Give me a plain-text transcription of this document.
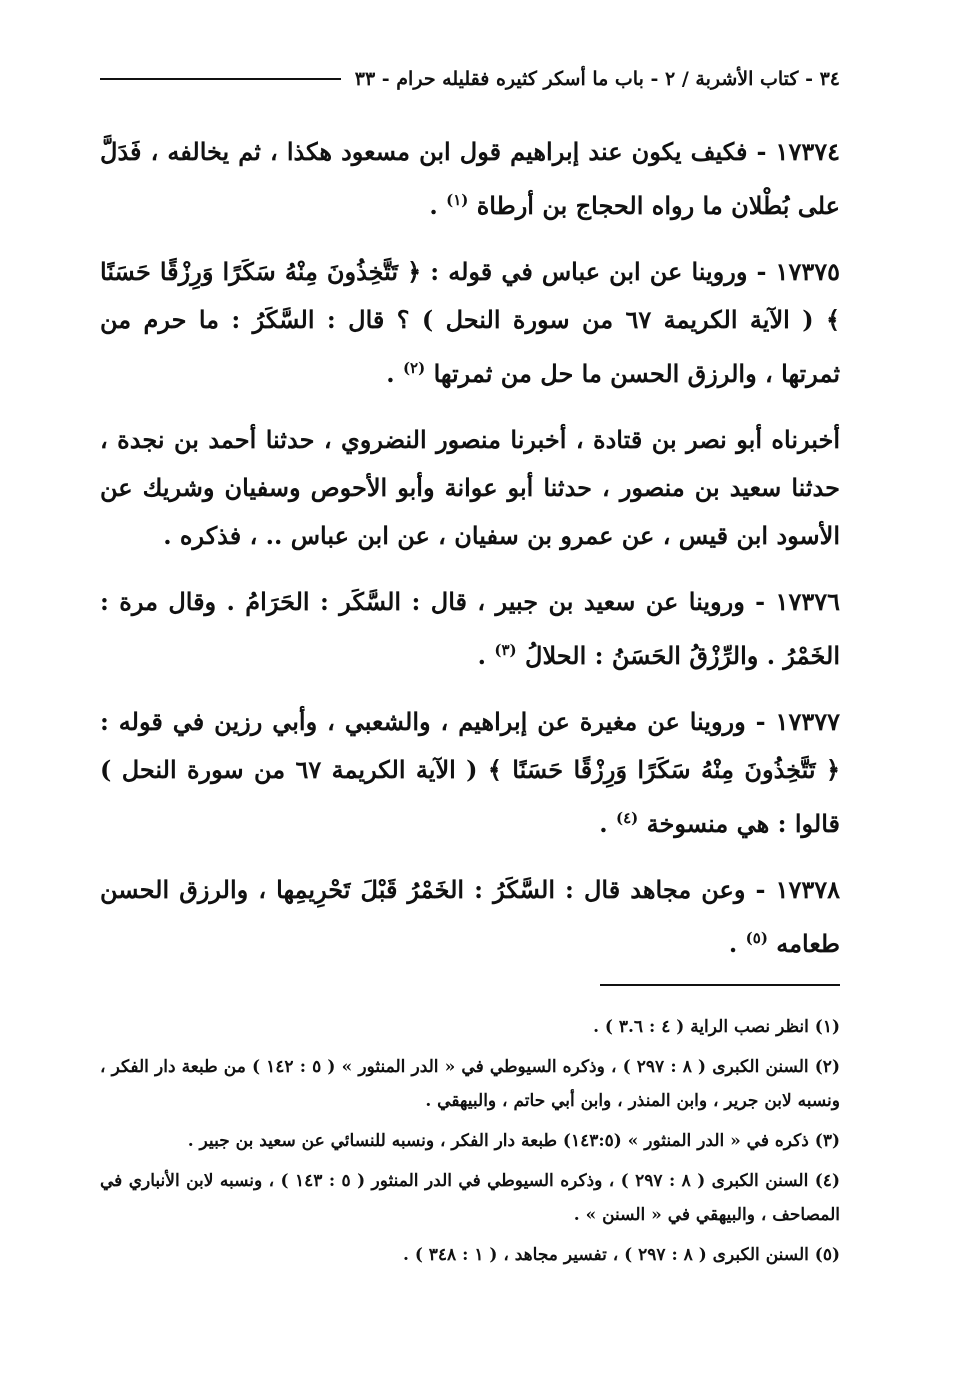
٣٤ - كتاب الأشربة / ٢ - باب ما أسكر كثيره فقليله حرام - ٣٣

١٧٣٧٤ - فكيف يكون عند إبراهيم قول ابن مسعود هكذا ، ثم يخالفه ، فَدَلَّ على بُطْلان ما رواه الحجاج بن أرطاة $^{(١)}$ .

١٧٣٧٥ - وروينا عن ابن عباس في قوله : ﴿ تَتَّخِذُونَ مِنْهُ سَكَرًا وَرِزْقًا حَسَنًا ﴾ ( الآية الكريمة ٦٧ من سورة النحل ) ؟ قال : السَّكَرُ : ما حرم من ثمرتها ، والرزق الحسن ما حل من ثمرتها $^{(٢)}$ .

أخبرناه أبو نصر بن قتادة ، أخبرنا منصور النضروي ، حدثنا أحمد بن نجدة ، حدثنا سعيد بن منصور ، حدثنا أبو عوانة وأبو الأحوص وسفيان وشريك عن الأسود ابن قيس ، عن عمرو بن سفيان ، عن ابن عباس .. ، فذكره .

١٧٣٧٦ - وروينا عن سعيد بن جبير ، قال : السَّكَر : الحَرَامُ . وقال مرة : الخَمْرُ . والرِّزْقُ الحَسَنُ : الحلالُ $^{(٣)}$ .

١٧٣٧٧ - وروينا عن مغيرة عن إبراهيم ، والشعبي ، وأبي رزين في قوله : ﴿ تَتَّخِذُونَ مِنْهُ سَكَرًا وَرِزْقًا حَسَنًا ﴾ ( الآية الكريمة ٦٧ من سورة النحل ) قالوا : هي منسوخة $^{(٤)}$ .

١٧٣٧٨ - وعن مجاهد قال : السَّكَرُ : الخَمْرُ قَبْلَ تَحْرِيمِها ، والرزق الحسن طعامه $^{(٥)}$ .

(١) انظر نصب الراية ( ٤ : ٣.٦ ) .

(٢) السنن الكبرى ( ٨ : ٢٩٧ ) ، وذكره السيوطي في « الدر المنثور » ( ٥ : ١٤٢ ) من طبعة دار الفكر ، ونسبه لابن جرير ، وابن المنذر ، وابن أبي حاتم ، والبيهقي .

(٣) ذكره في « الدر المنثور » (١٤٣:٥) طبعة دار الفكر ، ونسبه للنسائي عن سعيد بن جبير .

(٤) السنن الكبرى ( ٨ : ٢٩٧ ) ، وذكره السيوطي في الدر المنثور ( ٥ : ١٤٣ ) ، ونسبه لابن الأنباري في المصاحف ، والبيهقي في « السنن » .

(٥) السنن الكبرى ( ٨ : ٢٩٧ ) ، تفسير مجاهد ، ( ١ : ٣٤٨ ) .
